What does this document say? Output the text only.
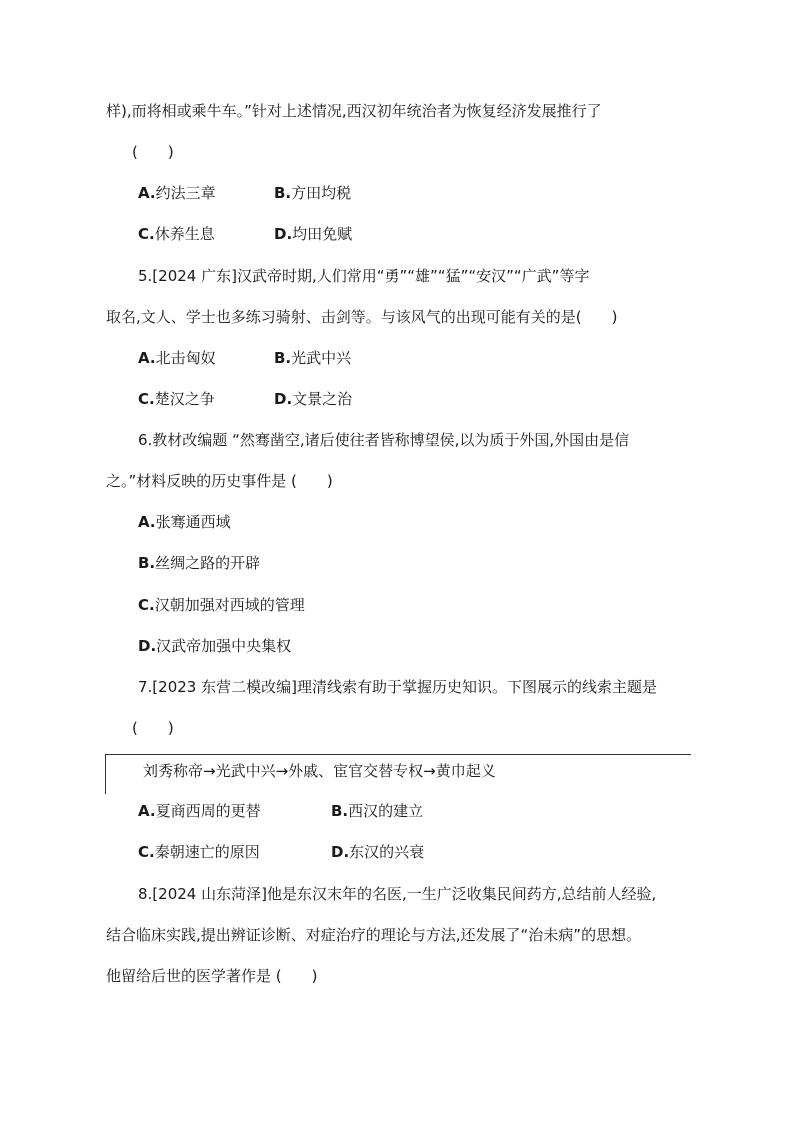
样),而将相或乘牛车。”针对上述情况,西汉初年统治者为恢复经济发展推行了
(　　)
A.约法三章	B.方田均税
C.休养生息	D.均田免赋
5.[2024 广东]汉武帝时期,人们常用“勇”“雄”“猛”“安汉”“广武”等字
取名,文人、学士也多练习骑射、击剑等。与该风气的出现可能有关的是(　　)
A.北击匈奴	B.光武中兴
C.楚汉之争	D.文景之治
6.教材改编题 “然骞凿空,诸后使往者皆称博望侯,以为质于外国,外国由是信
之。”材料反映的历史事件是 (　　)
A.张骞通西域
B.丝绸之路的开辟
C.汉朝加强对西域的管理
D.汉武帝加强中央集权
7.[2023 东营二模改编]理清线索有助于掌握历史知识。下图展示的线索主题是
(　　)
刘秀称帝→光武中兴→外戚、宦官交替专权→黄巾起义
A.夏商西周的更替	B.西汉的建立
C.秦朝速亡的原因	D.东汉的兴衰
8.[2024 山东菏泽]他是东汉末年的名医,一生广泛收集民间药方,总结前人经验,
结合临床实践,提出辨证诊断、对症治疗的理论与方法,还发展了“治未病”的思想。
他留给后世的医学著作是 (　　)
